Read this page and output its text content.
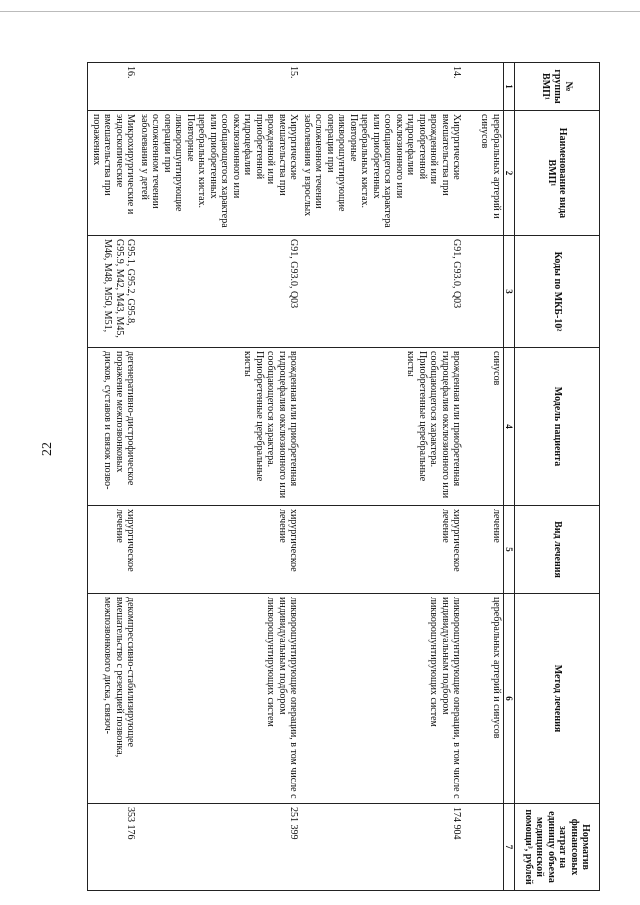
22
№ группы ВМП¹	Наименование вида ВМП¹	Коды по МКБ-10²	Модель пациента	Вид лечения	Метод лечения	Норматив финансовых затрат на единицу объема медицинской помощи³, рублей
1	2	3	4	5	6	7
	церебральных артерий и синусов		синусов	лечение	церебральных артерий и синусов	
14.	Хирургические вмешательства при врожденной или приобретенной гидроцефалии окклюзионного или сообщающегося характера или приобретенных церебральных кистах. Повторные ликворошунтирующие операции при осложненном течении заболевания у взрослых	G91, G93.0, Q03	врожденная или приобретенная гидроцефалия окклюзионного или сообщающегося характера. Приобретенные церебральные кисты	хирургическое лечение	ликворошунтирующие операции, в том числе с индивидуальным подбором ликворошунтирующих систем	174 904
15.	Хирургические вмешательства при врожденной или приобретенной гидроцефалии окклюзионного или сообщающегося характера или приобретенных церебральных кистах. Повторные ликворошунтирующие операции при осложненном течении заболевания у детей	G91, G93.0, Q03	врожденная или приобретенная гидроцефалия окклюзионного или сообщающегося характера. Приобретенные церебральные кисты	хирургическое лечение	ликворошунтирующие операции, в том числе с индивидуальным подбором ликворошунтирующих систем	251 399
16.	Микрохирургические и эндоскопические вмешательства при поражениях	G95.1, G95.2, G95.8, G95.9, M42, M43, M45, M46, M48, M50, M51,	дегенеративно-дистрофическое поражение межпозвонковых дисков, суставов и связок позво-	хирургическое лечение	декомпрессивно-стабилизирующее вмешательство с резекцией позвонка, межпозвонкового диска, связоч-	353 176
